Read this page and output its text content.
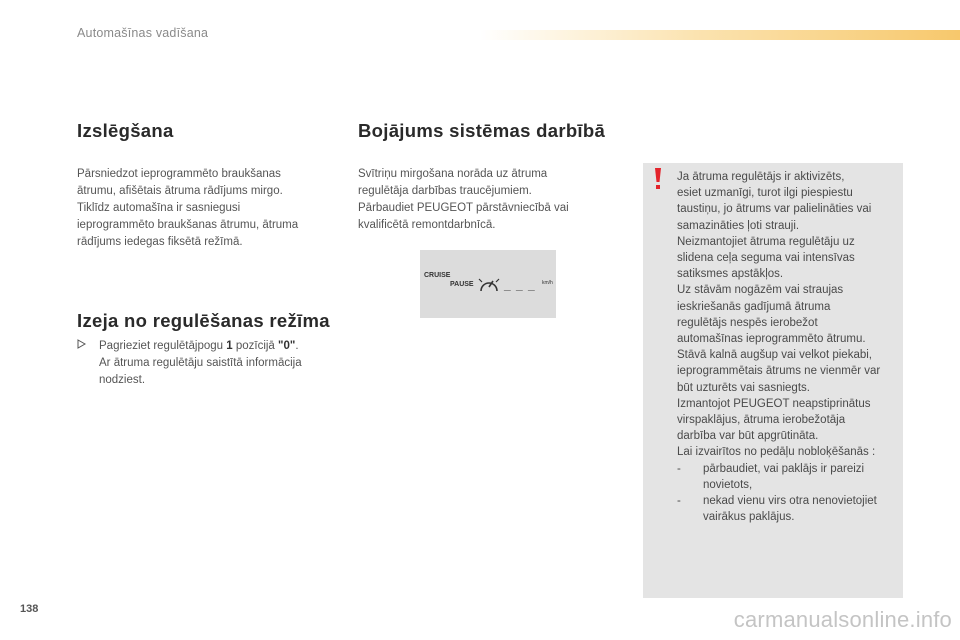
Automašīnas vadīšana
Izslēgšana

Pārsniedzot ieprogrammēto braukšanas

ātrumu, afišētais ātruma rādījums mirgo.

Tiklīdz automašīna ir sasniegusi

ieprogrammēto braukšanas ātrumu, ātruma

rādījums iedegas fiksētā režīmā.

Izeja no regulēšanas režīma
Pagrieziet regulētājpogu 1 pozīcijā "0".
Ar ātruma regulētāju saistītā informācija
nodziest.
Bojājums sistēmas darbībā

Svītriņu mirgošana norāda uz ātruma

regulētāja darbības traucējumiem.

Pārbaudiet PEUGEOT pārstāvniecībā vai

kvalificētā remontdarbnīcā.

CRUISE
PAUSE	_ _ _ km/h

Ja ātruma regulētājs ir aktivizēts,

esiet uzmanīgi, turot ilgi piespiestu

taustiņu, jo ātrums var palielināties vai

samazināties ļoti strauji.

Neizmantojiet ātruma regulētāju uz

slidena ceļa seguma vai intensīvas

satiksmes apstākļos.

Uz stāvām nogāzēm vai straujas

ieskriešanās gadījumā ātruma

regulētājs nespēs ierobežot

automašīnas ieprogrammēto ātrumu.

Stāvā kalnā augšup vai velkot piekabi,

ieprogrammētais ātrums ne vienmēr var

būt uzturēts vai sasniegts.

Izmantojot PEUGEOT neapstiprinātus

virspaklājus, ātruma ierobežotāja

darbība var būt apgrūtināta.

Lai izvairītos no pedāļu nobloķēšanās :

- pārbaudiet, vai paklājs ir pareizi
novietots,
- nekad vienu virs otra nenovietojiet
vairākus paklājus.
138	carmanualsonline.info
